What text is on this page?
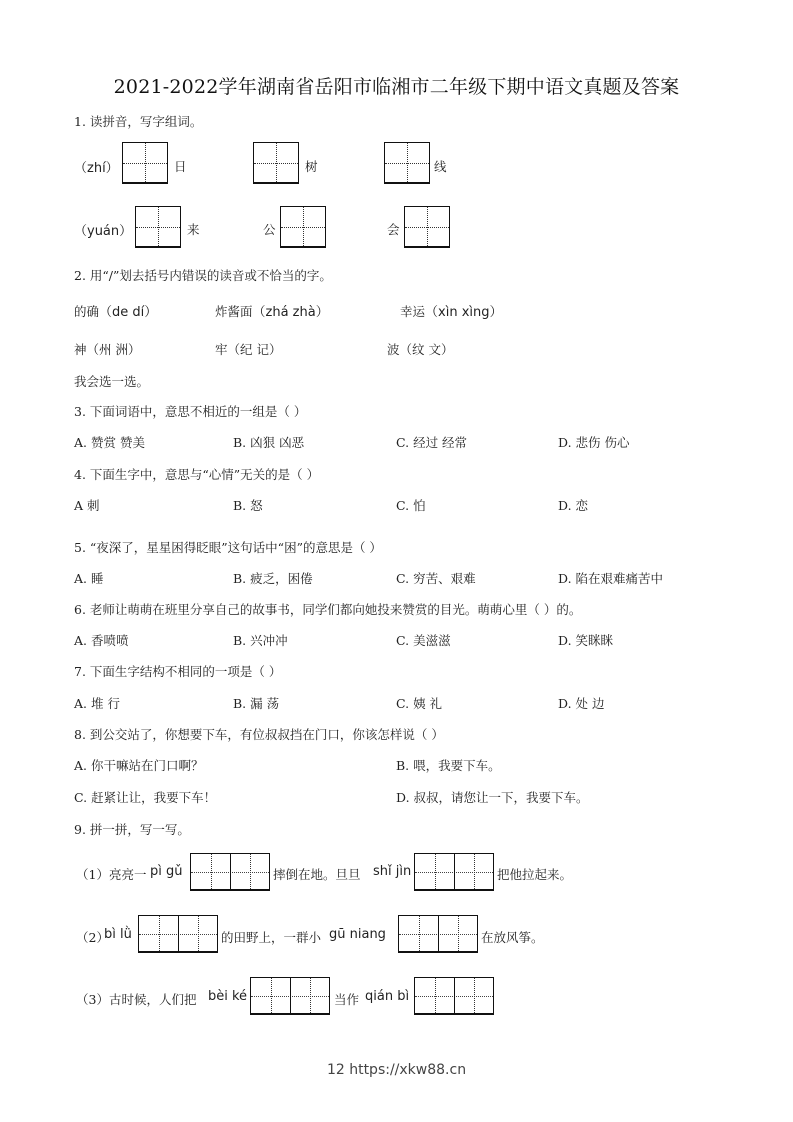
2021-2022学年湖南省岳阳市临湘市二年级下期中语文真题及答案
1. 读拼音，写字组词。
（zhí）	日	树	线
（yuán）	来	公	会
2. 用“/”划去括号内错误的读音或不恰当的字。
的确（de dí）	炸酱面（zhá zhà）	幸运（xìn xìng）
神（州 洲）	牢（纪 记）	波（纹 文）
我会选一选。
3. 下面词语中，意思不相近的一组是（ ）
A. 赞赏 赞美	B. 凶狠 凶恶	C. 经过 经常	D. 悲伤 伤心
4. 下面生字中，意思与“心情”无关的是（ ）
A 刺	B. 怒	C. 怕	D. 恋
5. “夜深了，星星困得眨眼”这句话中“困”的意思是（ ）
A. 睡	B. 疲乏，困倦	C. 穷苦、艰难	D. 陷在艰难痛苦中
6. 老师让萌萌在班里分享自己的故事书，同学们都向她投来赞赏的目光。萌萌心里（ ）的。
A. 香喷喷	B. 兴冲冲	C. 美滋滋	D. 笑眯眯
7. 下面生字结构不相同的一项是（ ）
A. 堆 行	B. 漏 荡	C. 姨 礼	D. 处 边
8. 到公交站了，你想要下车，有位叔叔挡在门口，你该怎样说（ ）
A. 你干嘛站在门口啊？	B. 喂，我要下车。
C. 赶紧让让，我要下车！	D. 叔叔，请您让一下，我要下车。
9. 拼一拼，写一写。
（1）亮亮一 pì gǔ	摔倒在地。旦旦 shǐ jìn	把他拉起来。
（2）
bì lǜ	的田野上，一群小 gū niang	在放风筝。
（3）古时候，人们把 bèi ké	当作 qián bì
12 https://xkw88.cn
